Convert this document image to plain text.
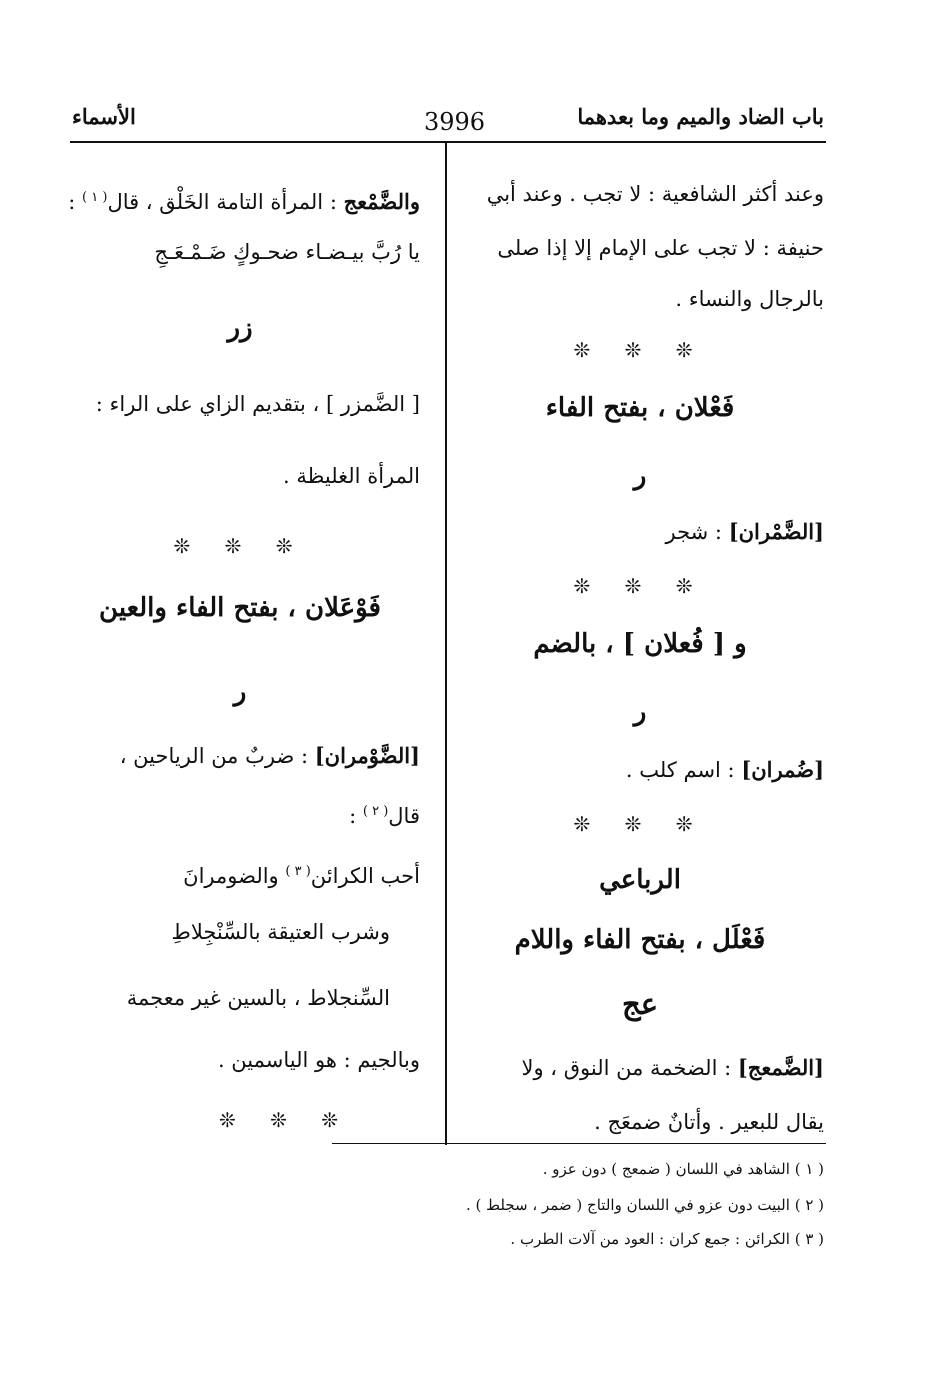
باب الضاد والميم وما بعدهما
3996
الأسماء
وعند أكثر الشافعية : لا تجب . وعند أبي
حنيفة : لا تجب على الإمام إلا إذا صلى
بالرجال والنساء .
❊ ❊ ❊
فَعْلان ، بفتح الفاء
ر
[الضَّمْران] : شجر
❊ ❊ ❊
و [ فُعلان ] ، بالضم
ر
[ضُمران] : اسم كلب .
❊ ❊ ❊
الرباعي
فَعْلَل ، بفتح الفاء واللام
عج
[الضَّمعج] : الضخمة من النوق ، ولا
يقال للبعير . وأتانٌ ضمعَج .
والضَّمْعج : المرأة التامة الخَلْق ، قال$^{( ١ )}$ :
يا رُبَّ بيـضـاء ضحـوكٍ ضَـمْـعَـجِ
زر
[ الضَّمزر ] ، بتقديم الزاي على الراء :
المرأة الغليظة .
❊ ❊ ❊
فَوْعَلان ، بفتح الفاء والعين
ر
[الضَّوْمران] : ضربٌ من الرياحين ،
قال$^{( ٢ )}$ :
أحب الكرائن$^{( ٣ )}$ والضومرانَ
وشرب العتيقة بالسِّنْجِلاطِ
السِّنجلاط ، بالسين غير معجمة
وبالجيم : هو الياسمين .
❊ ❊ ❊
( ١ ) الشاهد في اللسان ( ضمعج ) دون عزو .
( ٢ ) البيت دون عزو في اللسان والتاج ( ضمر ، سجلط ) .
( ٣ ) الكرائن : جمع كران : العود من آلات الطرب .
